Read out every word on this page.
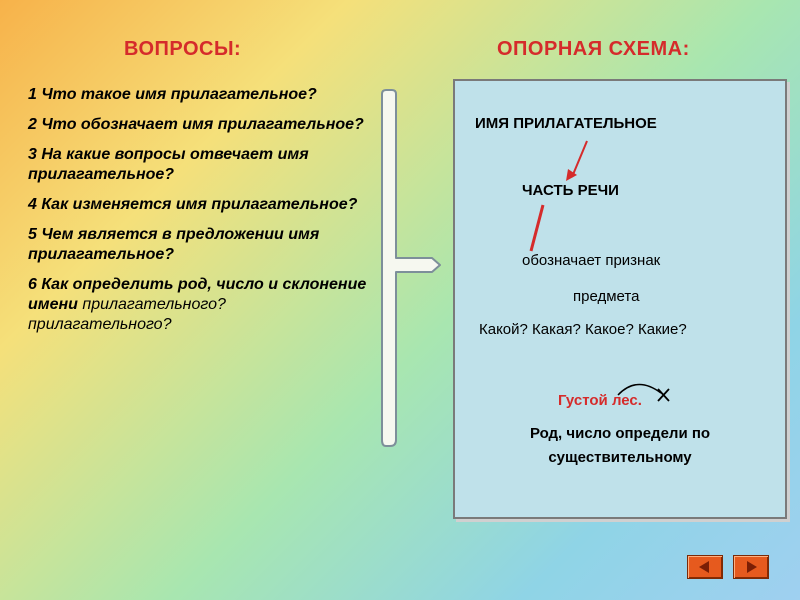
ВОПРОСЫ:	ОПОРНАЯ СХЕМА:
1 Что такое имя прилагательное?
2 Что обозначает имя прилагательное?
3 На какие вопросы отвечает имя прилагательное?
4 Как изменяется имя прилагательное?
5 Чем является в предложении имя прилагательное?
6 Как определить род, число и склонение имени прилагательного?
прилагательного?
ИМЯ ПРИЛАГАТЕЛЬНОЕ
ЧАСТЬ РЕЧИ
обозначает признак
предмета
Какой? Какая? Какое? Какие?
Густой лес.
Род, число определи по
существительному
